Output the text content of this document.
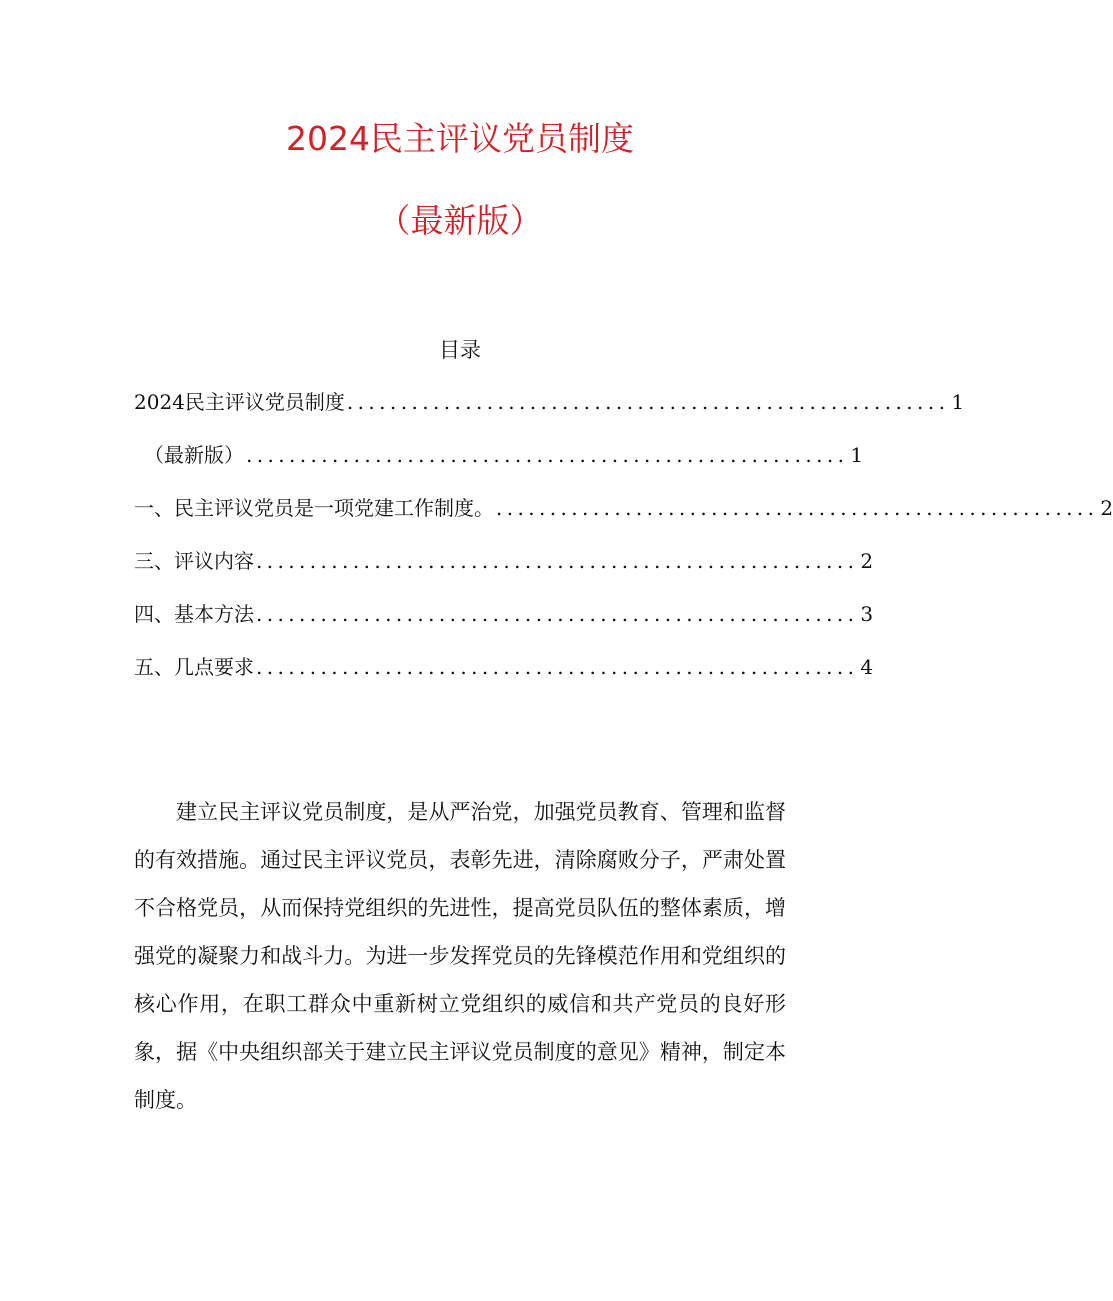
2024民主评议党员制度
（最新版）
目录
2024民主评议党员制度 ........................................................ 1
（最新版） ........................................................ 1
一、民主评议党员是一项党建工作制度。 ........................................................ 2
三、评议内容 ........................................................ 2
四、基本方法 ........................................................ 3
五、几点要求 ........................................................ 4

建立民主评议党员制度，是从严治党，加强党员教育、管理和监督的有效措施。通过民主评议党员，表彰先进，清除腐败分子，严肃处置不合格党员，从而保持党组织的先进性，提高党员队伍的整体素质，增强党的凝聚力和战斗力。为进一步发挥党员的先锋模范作用和党组织的核心作用，在职工群众中重新树立党组织的威信和共产党员的良好形象，据《中央组织部关于建立民主评议党员制度的意见》精神，制定本制度。
